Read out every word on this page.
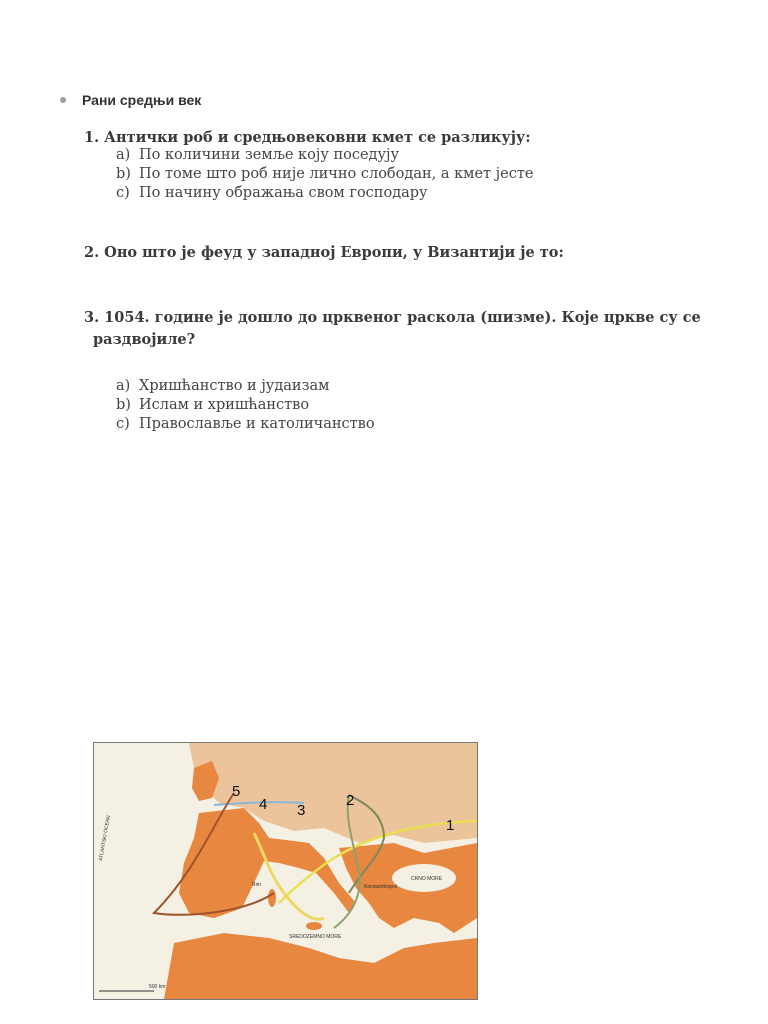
Рани средњи век
1. Антички роб и средњовековни кмет се разликују:
a) По количини земље коју поседују
b) По томе што роб није лично слободан, а кмет јесте
c) По начину ображања свом господару
2. Оно што је феуд у западној Европи, у Византији је то:
3. 1054. године је дошло до црквеног раскола (шизме). Које цркве су се
раздвојиле?
a) Хришћанство и јудаизам
b) Ислам и хришћанство
c) Православље и католичанство
5
4 3
2
1
ATLANTSKI OCEAN
SREDOZEMNO MORE
CRNO MORE
Rim	Konstantinopol
500 km
